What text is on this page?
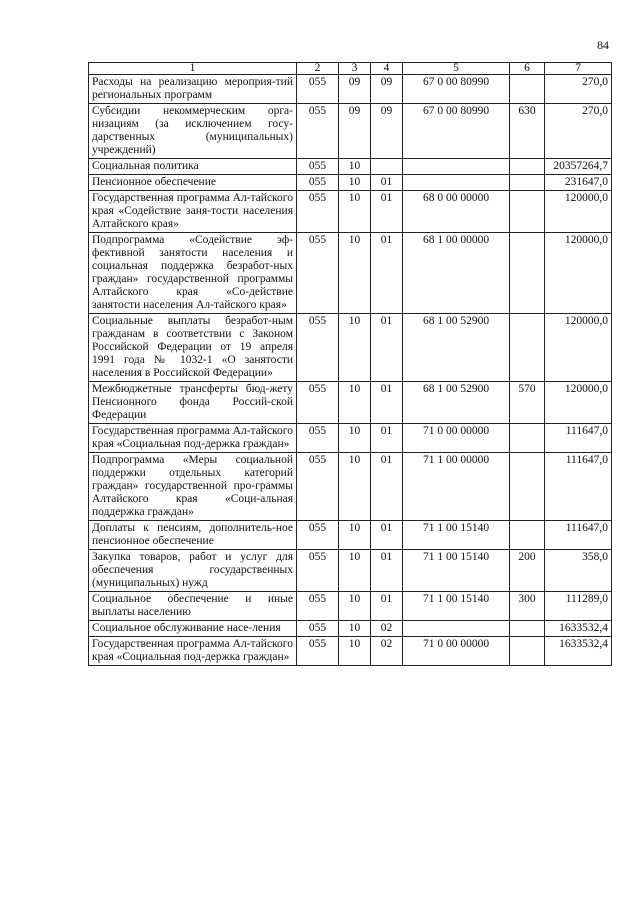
84
1	2	3	4	5	6	7
Расходы на реализацию мероприя-тий региональных программ	055	09	09	67 0 00 80990		270,0
Субсидии некоммерческим орга-низациям (за исключением госу-дарственных (муниципальных) учреждений)	055	09	09	67 0 00 80990	630	270,0
Социальная политика	055	10				20357264,7
Пенсионное обеспечение	055	10	01			231647,0
Государственная программа Ал-тайского края «Содействие заня-тости населения Алтайского края»	055	10	01	68 0 00 00000		120000,0
Подпрограмма «Содействие эф-фективной занятости населения и социальная поддержка безработ-ных граждан» государственной программы Алтайского края «Со-действие занятости населения Ал-тайского края»	055	10	01	68 1 00 00000		120000,0
Социальные выплаты безработ-ным гражданам в соответствии с Законом Российской Федерации от 19 апреля 1991 года № 1032-1 «О занятости населения в Российской Федерации»	055	10	01	68 1 00 52900		120000,0
Межбюджетные трансферты бюд-жету Пенсионного фонда Россий-ской Федерации	055	10	01	68 1 00 52900	570	120000,0
Государственная программа Ал-тайского края «Социальная под-держка граждан»	055	10	01	71 0 00 00000		111647,0
Подпрограмма «Меры социальной поддержки отдельных категорий граждан» государственной про-граммы Алтайского края «Соци-альная поддержка граждан»	055	10	01	71 1 00 00000		111647,0
Доплаты к пенсиям, дополнитель-ное пенсионное обеспечение	055	10	01	71 1 00 15140		111647,0
Закупка товаров, работ и услуг для обеспечения государственных (муниципальных) нужд	055	10	01	71 1 00 15140	200	358,0
Социальное обеспечение и иные выплаты населению	055	10	01	71 1 00 15140	300	111289,0
Социальное обслуживание насе-ления	055	10	02			1633532,4
Государственная программа Ал-тайского края «Социальная под-держка граждан»	055	10	02	71 0 00 00000		1633532,4
